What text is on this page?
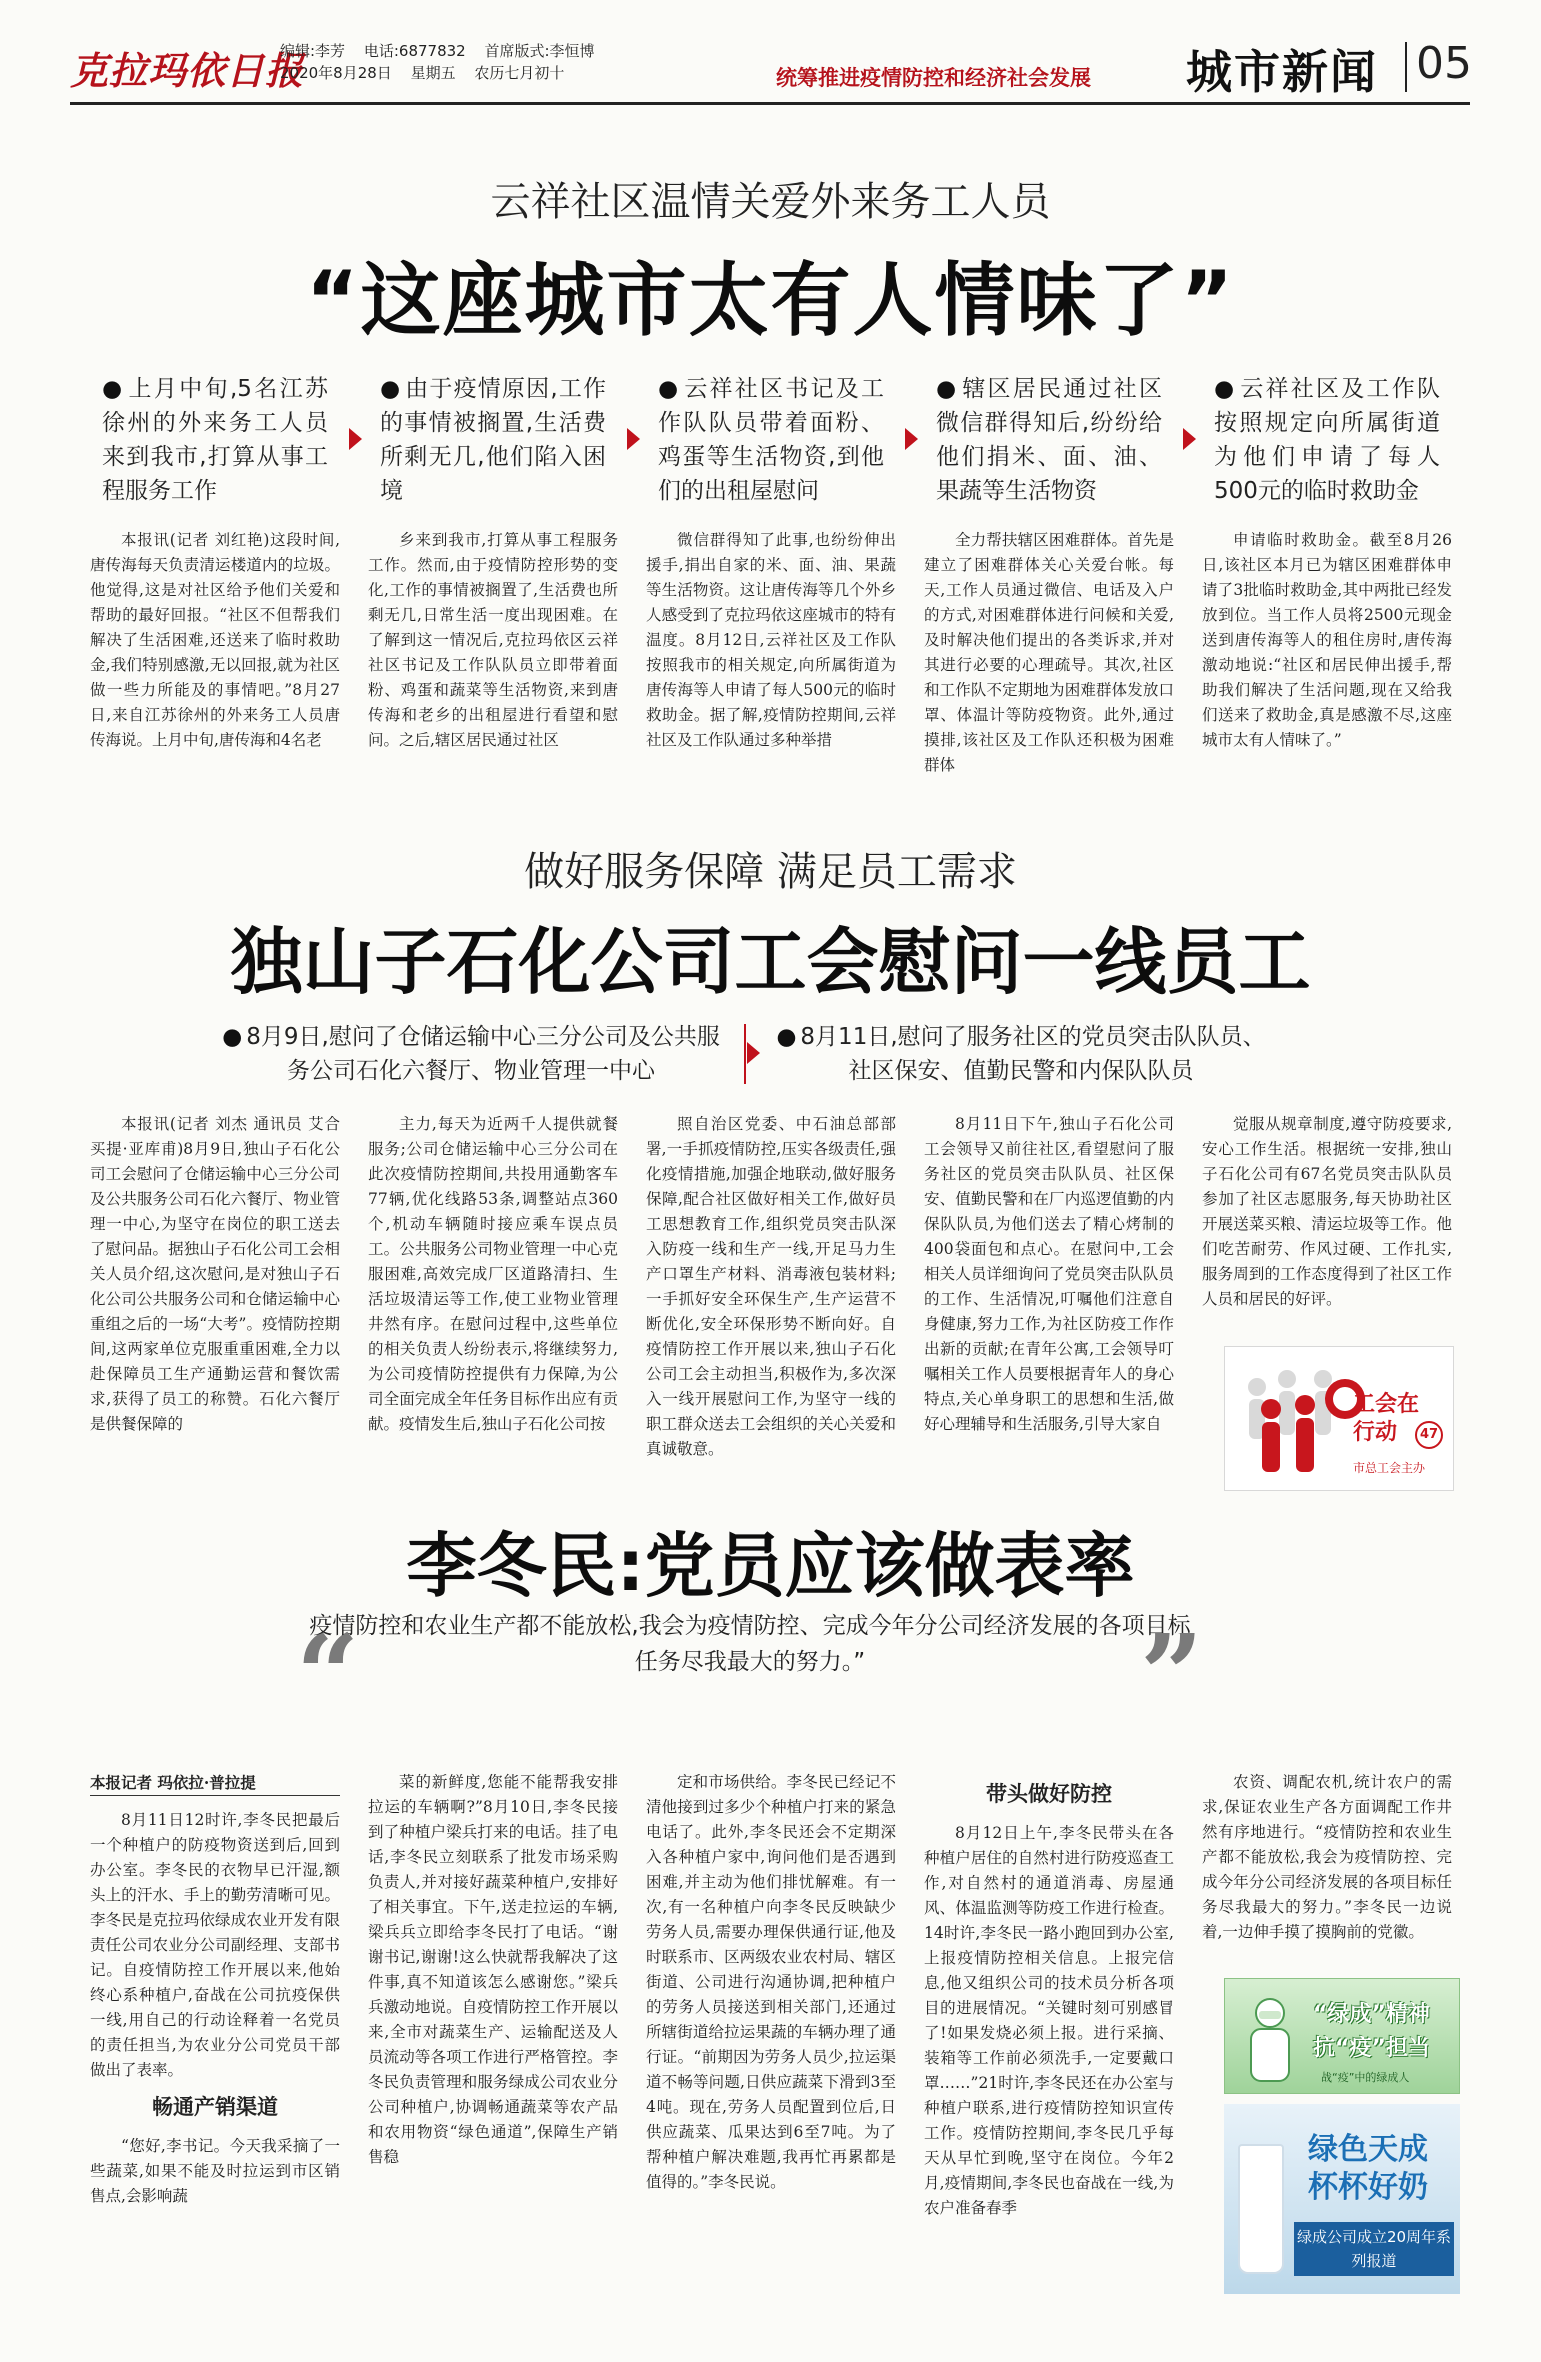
克拉玛依日报
编辑:李芳 电话:6877832 首席版式:李恒博
2020年8月28日 星期五 农历七月初十	统筹推进疫情防控和经济社会发展 城市新闻 05
云祥社区温情关爱外来务工人员
“这座城市太有人情味了”
● 上月中旬,5名江苏徐州的外来务工人员来到我市,打算从事工程服务工作
● 由于疫情原因,工作的事情被搁置,生活费所剩无几,他们陷入困境
● 云祥社区书记及工作队队员带着面粉、鸡蛋等生活物资,到他们的出租屋慰问
● 辖区居民通过社区微信群得知后,纷纷给他们捐米、面、油、果蔬等生活物资
● 云祥社区及工作队按照规定向所属街道为他们申请了每人500元的临时救助金

本报讯(记者 刘红艳)这段时间,唐传海每天负责清运楼道内的垃圾。他觉得,这是对社区给予他们关爱和帮助的最好回报。“社区不但帮我们解决了生活困难,还送来了临时救助金,我们特别感激,无以回报,就为社区做一些力所能及的事情吧。”8月27日,来自江苏徐州的外来务工人员唐传海说。上月中旬,唐传海和4名老

乡来到我市,打算从事工程服务工作。然而,由于疫情防控形势的变化,工作的事情被搁置了,生活费也所剩无几,日常生活一度出现困难。在了解到这一情况后,克拉玛依区云祥社区书记及工作队队员立即带着面粉、鸡蛋和蔬菜等生活物资,来到唐传海和老乡的出租屋进行看望和慰问。之后,辖区居民通过社区

微信群得知了此事,也纷纷伸出援手,捐出自家的米、面、油、果蔬等生活物资。这让唐传海等几个外乡人感受到了克拉玛依这座城市的特有温度。8月12日,云祥社区及工作队按照我市的相关规定,向所属街道为唐传海等人申请了每人500元的临时救助金。据了解,疫情防控期间,云祥社区及工作队通过多种举措

全力帮扶辖区困难群体。首先是建立了困难群体关心关爱台帐。每天,工作人员通过微信、电话及入户的方式,对困难群体进行问候和关爱,及时解决他们提出的各类诉求,并对其进行必要的心理疏导。其次,社区和工作队不定期地为困难群体发放口罩、体温计等防疫物资。此外,通过摸排,该社区及工作队还积极为困难群体

申请临时救助金。截至8月26日,该社区本月已为辖区困难群体申请了3批临时救助金,其中两批已经发放到位。当工作人员将2500元现金送到唐传海等人的租住房时,唐传海激动地说:“社区和居民伸出援手,帮助我们解决了生活问题,现在又给我们送来了救助金,真是感激不尽,这座城市太有人情味了。”

做好服务保障 满足员工需求
独山子石化公司工会慰问一线员工
● 8月9日,慰问了仓储运输中心三分公司及公共服务公司石化六餐厅、物业管理一中心
● 8月11日,慰问了服务社区的党员突击队队员、社区保安、值勤民警和内保队队员

本报讯(记者 刘杰 通讯员 艾合买提·亚库甫)8月9日,独山子石化公司工会慰问了仓储运输中心三分公司及公共服务公司石化六餐厅、物业管理一中心,为坚守在岗位的职工送去了慰问品。据独山子石化公司工会相关人员介绍,这次慰问,是对独山子石化公司公共服务公司和仓储运输中心重组之后的一场“大考”。疫情防控期间,这两家单位克服重重困难,全力以赴保障员工生产通勤运营和餐饮需求,获得了员工的称赞。石化六餐厅是供餐保障的

主力,每天为近两千人提供就餐服务;公司仓储运输中心三分公司在此次疫情防控期间,共投用通勤客车77辆,优化线路53条,调整站点360个,机动车辆随时接应乘车误点员工。公共服务公司物业管理一中心克服困难,高效完成厂区道路清扫、生活垃圾清运等工作,使工业物业管理井然有序。在慰问过程中,这些单位的相关负责人纷纷表示,将继续努力,为公司疫情防控提供有力保障,为公司全面完成全年任务目标作出应有贡献。疫情发生后,独山子石化公司按

照自治区党委、中石油总部部署,一手抓疫情防控,压实各级责任,强化疫情措施,加强企地联动,做好服务保障,配合社区做好相关工作,做好员工思想教育工作,组织党员突击队深入防疫一线和生产一线,开足马力生产口罩生产材料、消毒液包装材料;一手抓好安全环保生产,生产运营不断优化,安全环保形势不断向好。自疫情防控工作开展以来,独山子石化公司工会主动担当,积极作为,多次深入一线开展慰问工作,为坚守一线的职工群众送去工会组织的关心关爱和真诚敬意。

8月11日下午,独山子石化公司工会领导又前往社区,看望慰问了服务社区的党员突击队队员、社区保安、值勤民警和在厂内巡逻值勤的内保队队员,为他们送去了精心烤制的400袋面包和点心。在慰问中,工会相关人员详细询问了党员突击队队员的工作、生活情况,叮嘱他们注意自身健康,努力工作,为社区防疫工作作出新的贡献;在青年公寓,工会领导叮嘱相关工作人员要根据青年人的身心特点,关心单身职工的思想和生活,做好心理辅导和生活服务,引导大家自

觉服从规章制度,遵守防疫要求,安心工作生活。根据统一安排,独山子石化公司有67名党员突击队队员参加了社区志愿服务,每天协助社区开展送菜买粮、清运垃圾等工作。他们吃苦耐劳、作风过硬、工作扎实,服务周到的工作态度得到了社区工作人员和居民的好评。

工会在
行动	47
市总工会主办
李冬民:党员应该做表率
“
疫情防控和农业生产都不能放松,我会为疫情防控、完成今年分公司经济发展的各项目标任务尽我最大的努力。”	”
本报记者 玛依拉·普拉提

8月11日12时许,李冬民把最后一个种植户的防疫物资送到后,回到办公室。李冬民的衣物早已汗湿,额头上的汗水、手上的勤劳清晰可见。李冬民是克拉玛依绿成农业开发有限责任公司农业分公司副经理、支部书记。自疫情防控工作开展以来,他始终心系种植户,奋战在公司抗疫保供一线,用自己的行动诠释着一名党员的责任担当,为农业分公司党员干部做出了表率。

畅通产销渠道

“您好,李书记。今天我采摘了一些蔬菜,如果不能及时拉运到市区销售点,会影响蔬

菜的新鲜度,您能不能帮我安排拉运的车辆啊?”8月10日,李冬民接到了种植户梁兵打来的电话。挂了电话,李冬民立刻联系了批发市场采购负责人,并对接好蔬菜种植户,安排好了相关事宜。下午,送走拉运的车辆,梁兵兵立即给李冬民打了电话。“谢谢书记,谢谢!这么快就帮我解决了这件事,真不知道该怎么感谢您。”梁兵兵激动地说。自疫情防控工作开展以来,全市对蔬菜生产、运输配送及人员流动等各项工作进行严格管控。李冬民负责管理和服务绿成公司农业分公司种植户,协调畅通蔬菜等农产品和农用物资“绿色通道”,保障生产销售稳

定和市场供给。李冬民已经记不清他接到过多少个种植户打来的紧急电话了。此外,李冬民还会不定期深入各种植户家中,询问他们是否遇到困难,并主动为他们排忧解难。有一次,有一名种植户向李冬民反映缺少劳务人员,需要办理保供通行证,他及时联系市、区两级农业农村局、辖区街道、公司进行沟通协调,把种植户的劳务人员接送到相关部门,还通过所辖街道给拉运果蔬的车辆办理了通行证。“前期因为劳务人员少,拉运渠道不畅等问题,日供应蔬菜下滑到3至4吨。现在,劳务人员配置到位后,日供应蔬菜、瓜果达到6至7吨。为了帮种植户解决难题,我再忙再累都是值得的。”李冬民说。

带头做好防控

8月12日上午,李冬民带头在各种植户居住的自然村进行防疫巡查工作,对自然村的通道消毒、房屋通风、体温监测等防疫工作进行检查。14时许,李冬民一路小跑回到办公室,上报疫情防控相关信息。上报完信息,他又组织公司的技术员分析各项目的进展情况。“关键时刻可别感冒了!如果发烧必须上报。进行采摘、装箱等工作前必须洗手,一定要戴口罩……”21时许,李冬民还在办公室与种植户联系,进行疫情防控知识宣传工作。疫情防控期间,李冬民几乎每天从早忙到晚,坚守在岗位。今年2月,疫情期间,李冬民也奋战在一线,为农户准备春季

农资、调配农机,统计农户的需求,保证农业生产各方面调配工作井然有序地进行。“疫情防控和农业生产都不能放松,我会为疫情防控、完成今年分公司经济发展的各项目标任务尽我最大的努力。”李冬民一边说着,一边伸手摸了摸胸前的党徽。

“绿成”精神
抗“疫”担当
战“疫”中的绿成人
绿色天成
杯杯好奶
绿成公司成立20周年系列报道
